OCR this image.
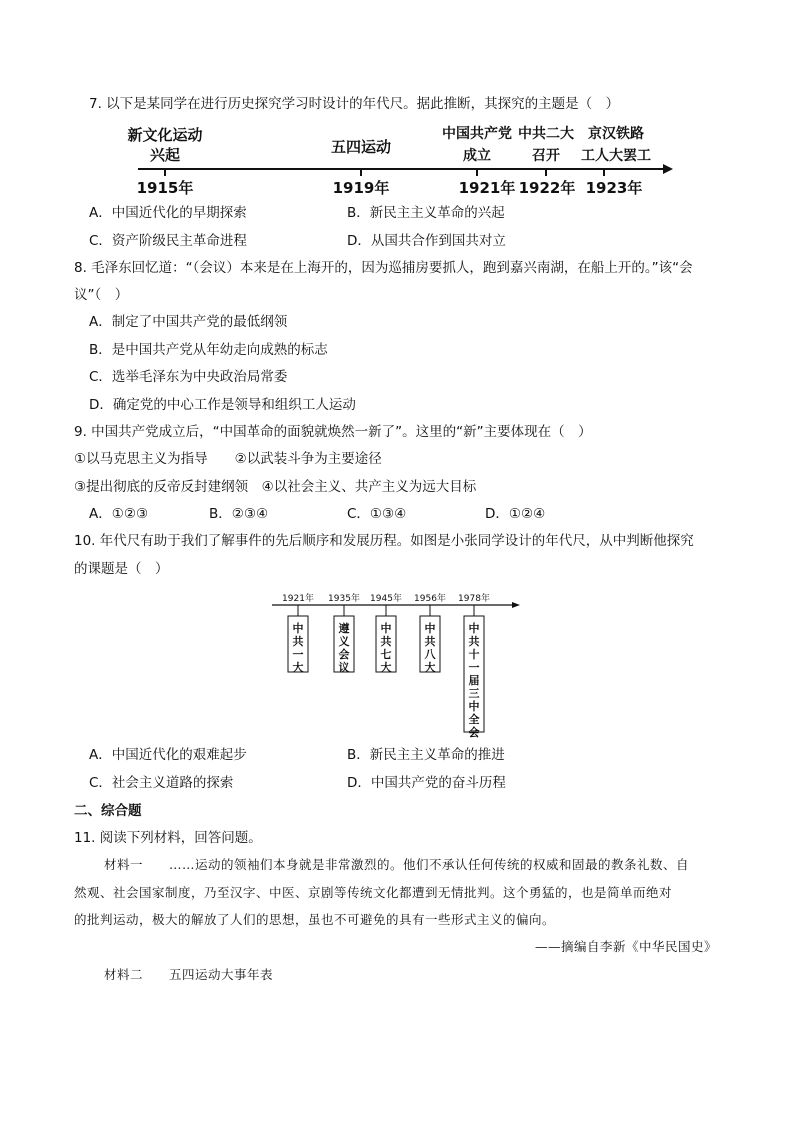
7. 以下是某同学在进行历史探究学习时设计的年代尺。据此推断，其探究的主题是（　）
新文化运动
兴起	五四运动
中国共产党
成立
中共二大
召开
京汉铁路
工人大罢工
1915年	1919年	1921年 1922年 1923年
A．中国近代化的早期探索	B．新民主主义革命的兴起
C．资产阶级民主革命进程	D．从国共合作到国共对立
8. 毛泽东回忆道：“（会议）本来是在上海开的，因为巡捕房要抓人，跑到嘉兴南湖，在船上开的。”该“会
议”（　）
A．制定了中国共产党的最低纲领
B．是中国共产党从年幼走向成熟的标志
C．选举毛泽东为中央政治局常委
D．确定党的中心工作是领导和组织工人运动
9. 中国共产党成立后，“中国革命的面貌就焕然一新了”。这里的“新”主要体现在（　）
①以马克思主义为指导　　②以武装斗争为主要途径
③提出彻底的反帝反封建纲领　④以社会主义、共产主义为远大目标
A．①②③	B．②③④	C．①③④	D．①②④
10. 年代尺有助于我们了解事件的先后顺序和发展历程。如图是小张同学设计的年代尺，从中判断他探究
的课题是（　）
1921年 1935年 1945年 1956年 1978年
中共一大
遵义会议
中共七大
中共八大
中共十一届三中全会
A．中国近代化的艰难起步	B．新民主主义革命的推进
C．社会主义道路的探索	D．中国共产党的奋斗历程
二、综合题
11. 阅读下列材料，回答问题。
材料一　　……运动的领袖们本身就是非常激烈的。他们不承认任何传统的权威和固最的教条礼数、自
然观、社会国家制度，乃至汉字、中医、京剧等传统文化都遭到无情批判。这个勇猛的，也是简单而绝对
的批判运动，极大的解放了人们的思想，虽也不可避免的具有一些形式主义的偏向。
——摘编自李新《中华民国史》
材料二　　五四运动大事年表
